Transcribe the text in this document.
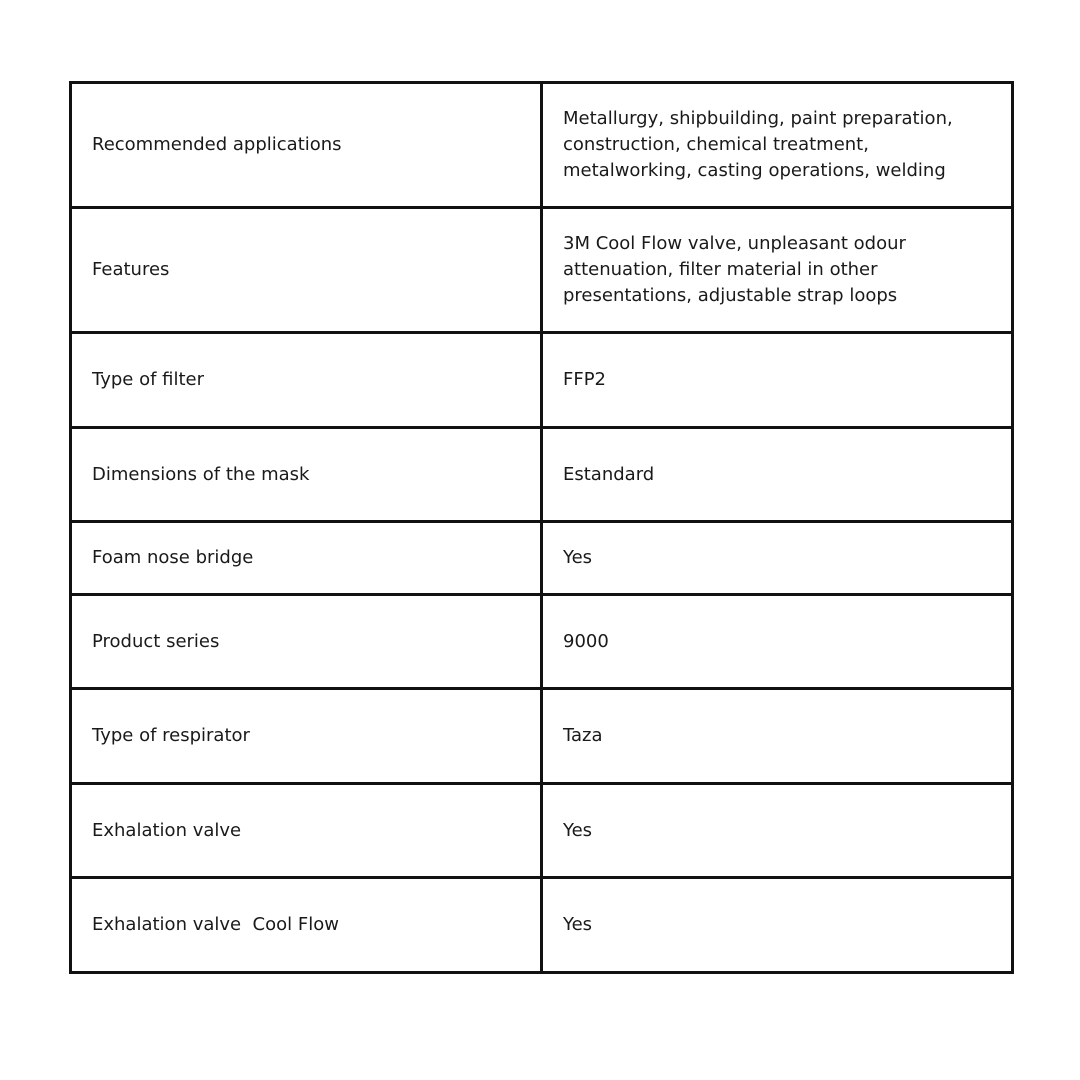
Recommended applications	Metallurgy, shipbuilding, paint preparation,
construction, chemical treatment,
metalworking, casting operations, welding

Features	3M Cool Flow valve, unpleasant odour
attenuation, filter material in other
presentations, adjustable strap loops

Type of filter	FFP2

Dimensions of the mask	Estandard

Foam nose bridge	Yes

Product series	9000

Type of respirator	Taza

Exhalation valve	Yes

Exhalation valve  Cool Flow	Yes
